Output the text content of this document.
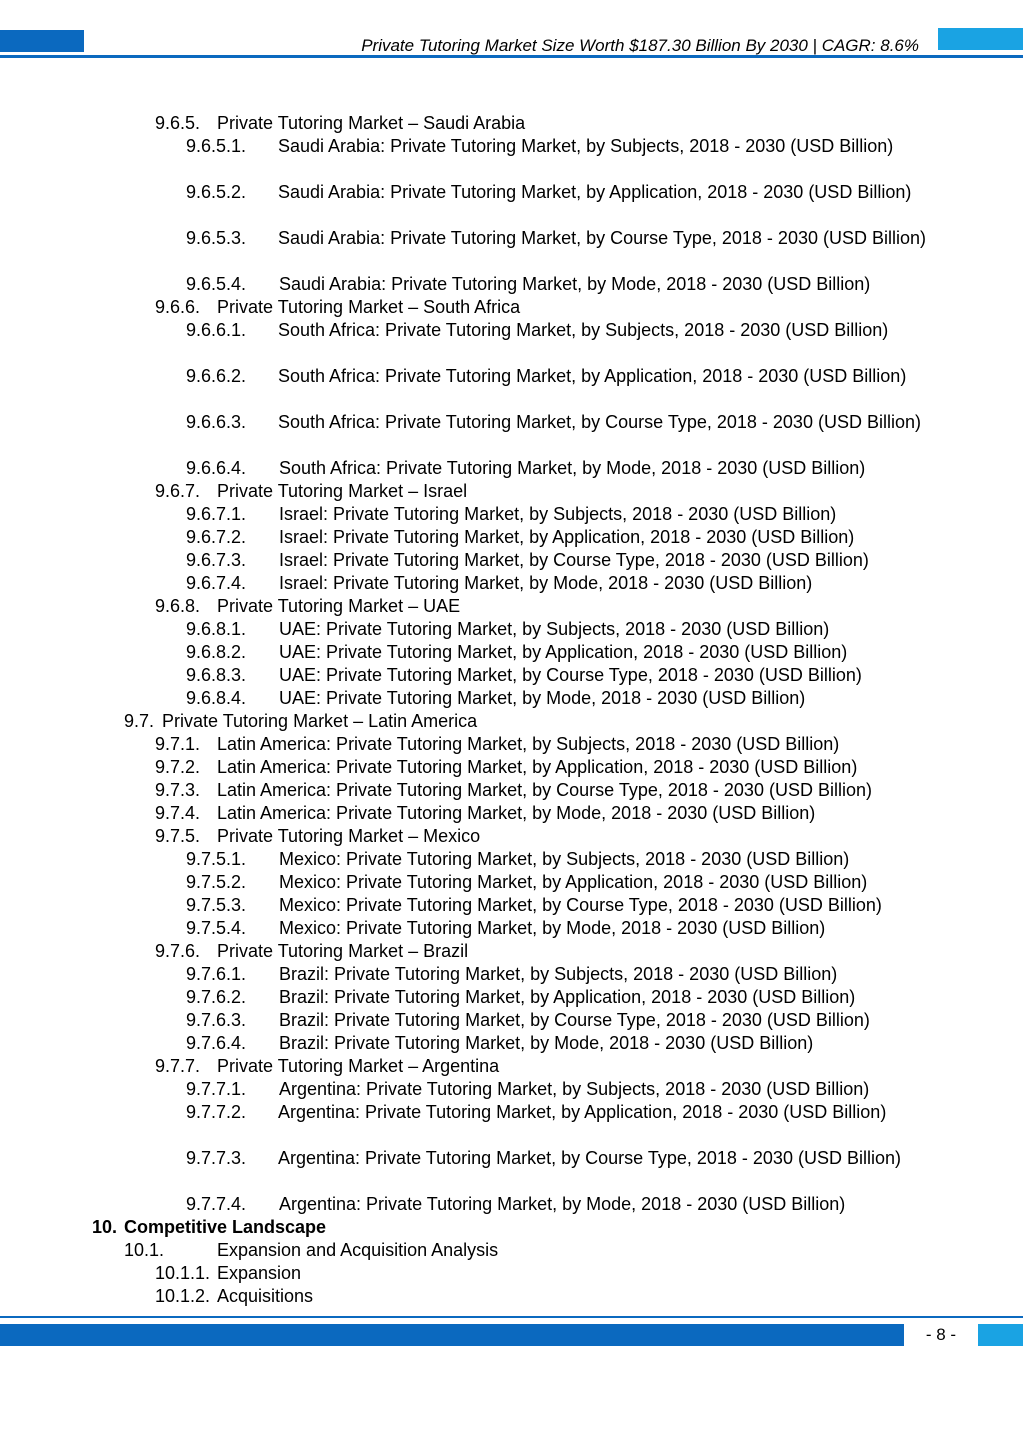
Private Tutoring Market Size Worth $187.30 Billion By 2030 | CAGR: 8.6%
9.6.5. Private Tutoring Market – Saudi Arabia
9.6.5.1.	Saudi Arabia: Private Tutoring Market, by Subjects, 2018 - 2030 (USD Billion)
9.6.5.2.	Saudi Arabia: Private Tutoring Market, by Application, 2018 - 2030 (USD Billion)
9.6.5.3.	Saudi Arabia: Private Tutoring Market, by Course Type, 2018 - 2030 (USD Billion)
9.6.5.4. Saudi Arabia: Private Tutoring Market, by Mode, 2018 - 2030 (USD Billion)
9.6.6. Private Tutoring Market – South Africa
9.6.6.1.	South Africa: Private Tutoring Market, by Subjects, 2018 - 2030 (USD Billion)
9.6.6.2.	South Africa: Private Tutoring Market, by Application, 2018 - 2030 (USD Billion)
9.6.6.3.	South Africa: Private Tutoring Market, by Course Type, 2018 - 2030 (USD Billion)
9.6.6.4. South Africa: Private Tutoring Market, by Mode, 2018 - 2030 (USD Billion)
9.6.7. Private Tutoring Market – Israel
9.6.7.1. Israel: Private Tutoring Market, by Subjects, 2018 - 2030 (USD Billion)
9.6.7.2. Israel: Private Tutoring Market, by Application, 2018 - 2030 (USD Billion)
9.6.7.3. Israel: Private Tutoring Market, by Course Type, 2018 - 2030 (USD Billion)
9.6.7.4. Israel: Private Tutoring Market, by Mode, 2018 - 2030 (USD Billion)
9.6.8. Private Tutoring Market – UAE
9.6.8.1. UAE: Private Tutoring Market, by Subjects, 2018 - 2030 (USD Billion)
9.6.8.2. UAE: Private Tutoring Market, by Application, 2018 - 2030 (USD Billion)
9.6.8.3. UAE: Private Tutoring Market, by Course Type, 2018 - 2030 (USD Billion)
9.6.8.4. UAE: Private Tutoring Market, by Mode, 2018 - 2030 (USD Billion)
9.7. Private Tutoring Market – Latin America
9.7.1. Latin America: Private Tutoring Market, by Subjects, 2018 - 2030 (USD Billion)
9.7.2. Latin America: Private Tutoring Market, by Application, 2018 - 2030 (USD Billion)
9.7.3. Latin America: Private Tutoring Market, by Course Type, 2018 - 2030 (USD Billion)
9.7.4. Latin America: Private Tutoring Market, by Mode, 2018 - 2030 (USD Billion)
9.7.5. Private Tutoring Market – Mexico
9.7.5.1. Mexico: Private Tutoring Market, by Subjects, 2018 - 2030 (USD Billion)
9.7.5.2. Mexico: Private Tutoring Market, by Application, 2018 - 2030 (USD Billion)
9.7.5.3. Mexico: Private Tutoring Market, by Course Type, 2018 - 2030 (USD Billion)
9.7.5.4. Mexico: Private Tutoring Market, by Mode, 2018 - 2030 (USD Billion)
9.7.6. Private Tutoring Market – Brazil
9.7.6.1. Brazil: Private Tutoring Market, by Subjects, 2018 - 2030 (USD Billion)
9.7.6.2. Brazil: Private Tutoring Market, by Application, 2018 - 2030 (USD Billion)
9.7.6.3. Brazil: Private Tutoring Market, by Course Type, 2018 - 2030 (USD Billion)
9.7.6.4. Brazil: Private Tutoring Market, by Mode, 2018 - 2030 (USD Billion)
9.7.7. Private Tutoring Market – Argentina
9.7.7.1. Argentina: Private Tutoring Market, by Subjects, 2018 - 2030 (USD Billion)
9.7.7.2.	Argentina: Private Tutoring Market, by Application, 2018 - 2030 (USD Billion)
9.7.7.3.	Argentina: Private Tutoring Market, by Course Type, 2018 - 2030 (USD Billion)
9.7.7.4. Argentina: Private Tutoring Market, by Mode, 2018 - 2030 (USD Billion)
10. Competitive Landscape
10.1.	Expansion and Acquisition Analysis
10.1.1. Expansion
10.1.2. Acquisitions
- 8 -
